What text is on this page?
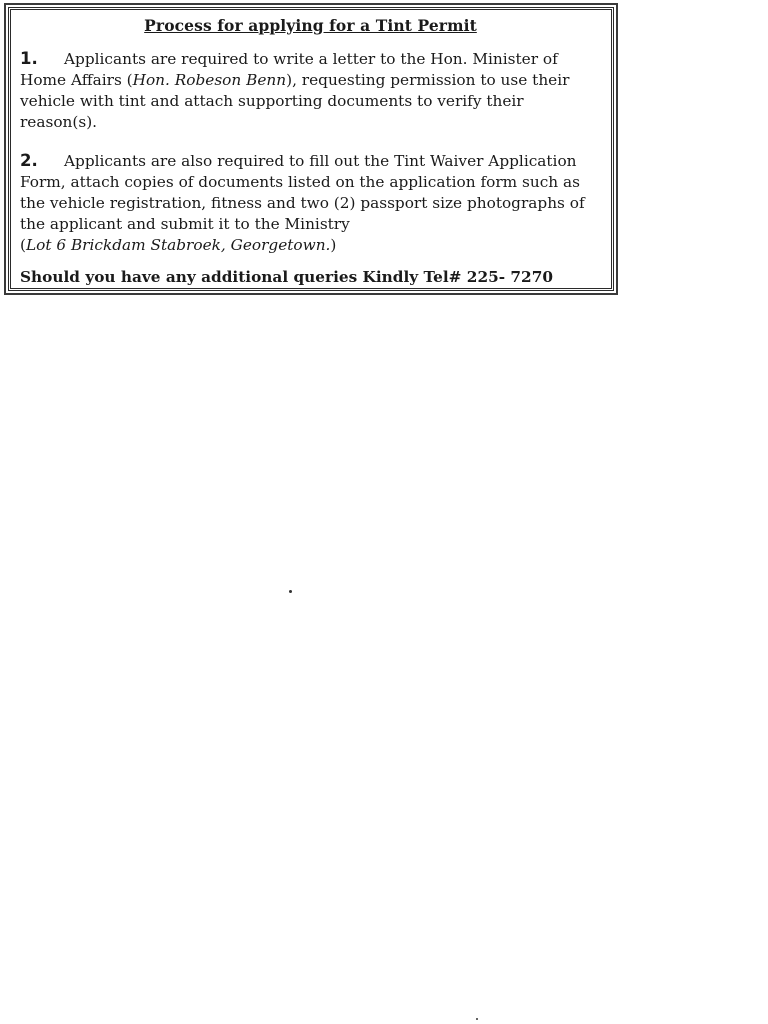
Process for applying for a Tint Permit
1. Applicants are required to write a letter to the Hon. Minister of Home Affairs (Hon. Robeson Benn), requesting permission to use their vehicle with tint and attach supporting documents to verify their reason(s).
2. Applicants are also required to fill out the Tint Waiver Application Form, attach copies of documents listed on the application form such as the vehicle registration, fitness and two (2) passport size photographs of the applicant and submit it to the Ministry
(Lot 6 Brickdam Stabroek, Georgetown.)
Should you have any additional queries Kindly Tel# 225- 7270
